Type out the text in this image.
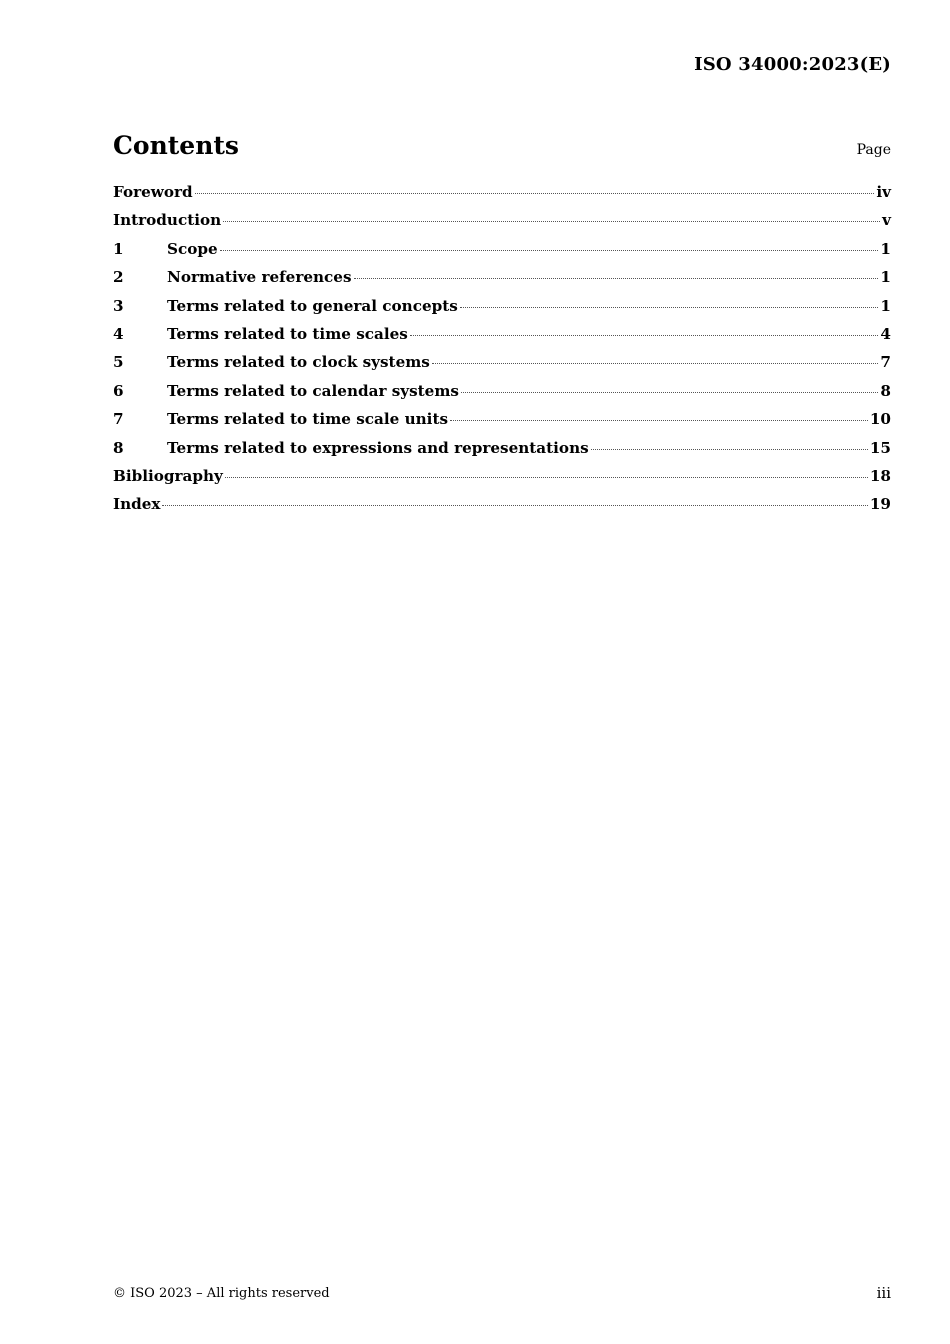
ISO 34000:2023(E)
Contents	Page
Foreword	iv
Introduction	v
1	Scope	1
2	Normative references	1
3	Terms related to general concepts	1
4	Terms related to time scales	4
5	Terms related to clock systems	7
6	Terms related to calendar systems	8
7	Terms related to time scale units	10
8	Terms related to expressions and representations	15
Bibliography	18
Index	19
© ISO 2023 – All rights reserved	iii
